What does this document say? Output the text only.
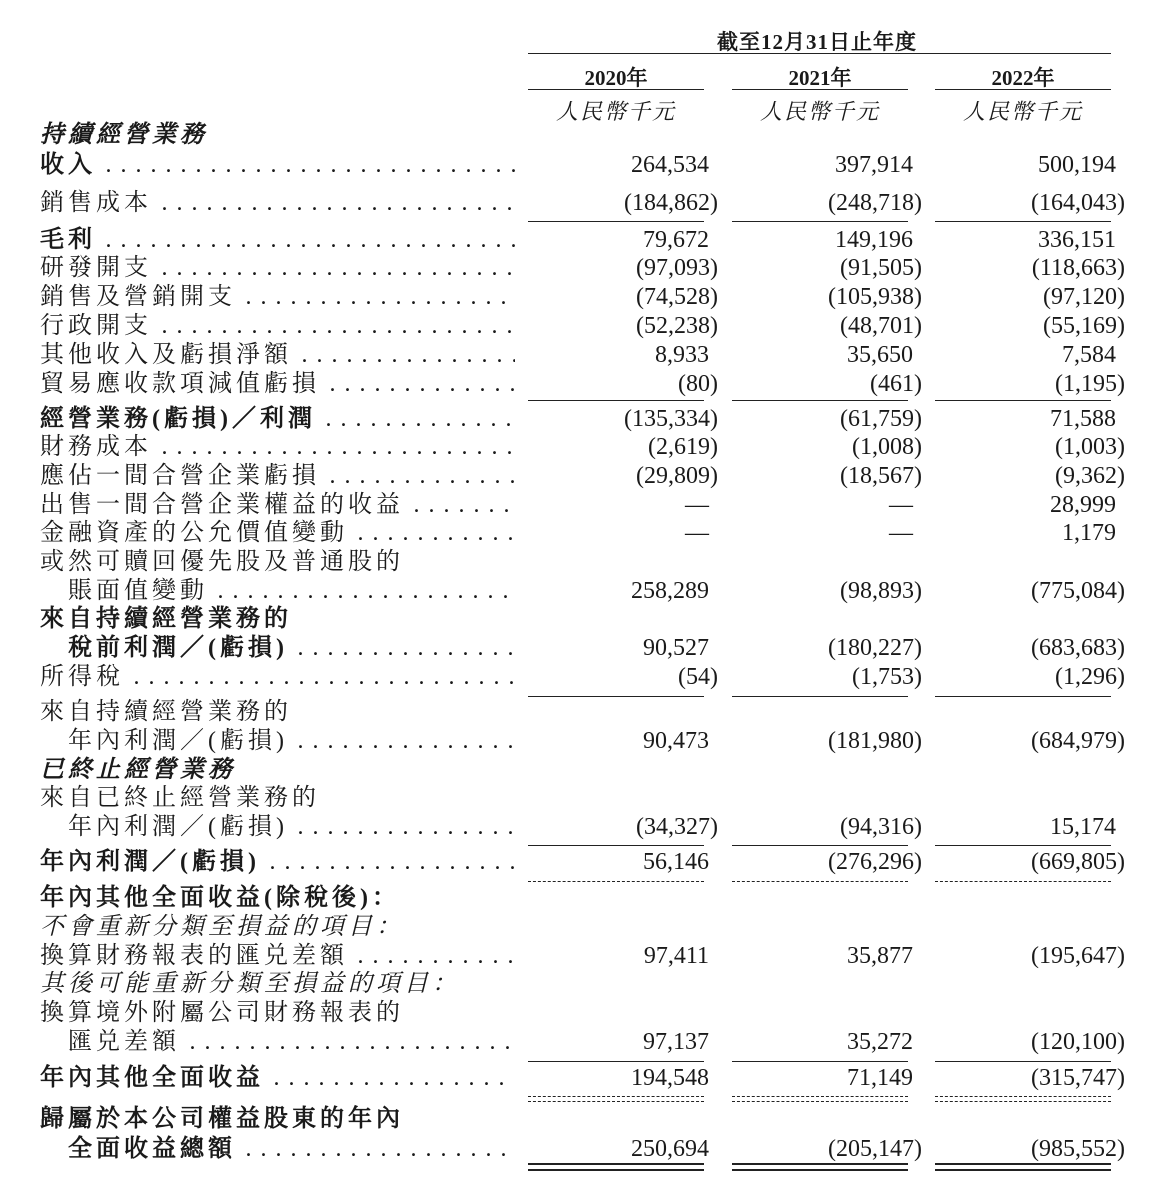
截至12月31日止年度
2020年	2021年	2022年
人民幣千元	人民幣千元	人民幣千元
持續經營業務
收入 . . .	264,534	397,914	500,194
銷售成本 . . .	(184,862)	(248,718)	(164,043)
毛利 . . .	79,672	149,196	336,151
研發開支 . . .	(97,093)	(91,505)	(118,663)
銷售及營銷開支 . . .	(74,528)	(105,938)	(97,120)
行政開支 . . .	(52,238)	(48,701)	(55,169)
其他收入及虧損淨額 . . .	8,933	35,650	7,584
貿易應收款項減值虧損 . . .	(80)	(461)	(1,195)
經營業務(虧損)／利潤 . . .	(135,334)	(61,759)	71,588
財務成本 . . .	(2,619)	(1,008)	(1,003)
應佔一間合營企業虧損 . . .	(29,809)	(18,567)	(9,362)
出售一間合營企業權益的收益 . . .	—	—	28,999
金融資產的公允價值變動 . . .	—	—	1,179
或然可贖回優先股及普通股的
賬面值變動 . . .	258,289	(98,893)	(775,084)
來自持續經營業務的
稅前利潤／(虧損) . . .	90,527	(180,227)	(683,683)
所得稅 . . .	(54)	(1,753)	(1,296)
來自持續經營業務的
年內利潤／(虧損) . . .	90,473	(181,980)	(684,979)
已終止經營業務
來自已終止經營業務的
年內利潤／(虧損) . . .	(34,327)	(94,316)	15,174
年內利潤／(虧損) . . .	56,146	(276,296)	(669,805)
年內其他全面收益(除稅後)：
不會重新分類至損益的項目：
換算財務報表的匯兑差額 . . .	97,411	35,877	(195,647)
其後可能重新分類至損益的項目：
換算境外附屬公司財務報表的
匯兑差額 . . .	97,137	35,272	(120,100)
年內其他全面收益 . . .	194,548	71,149	(315,747)
歸屬於本公司權益股東的年內
全面收益總額 . . .	250,694	(205,147)	(985,552)
